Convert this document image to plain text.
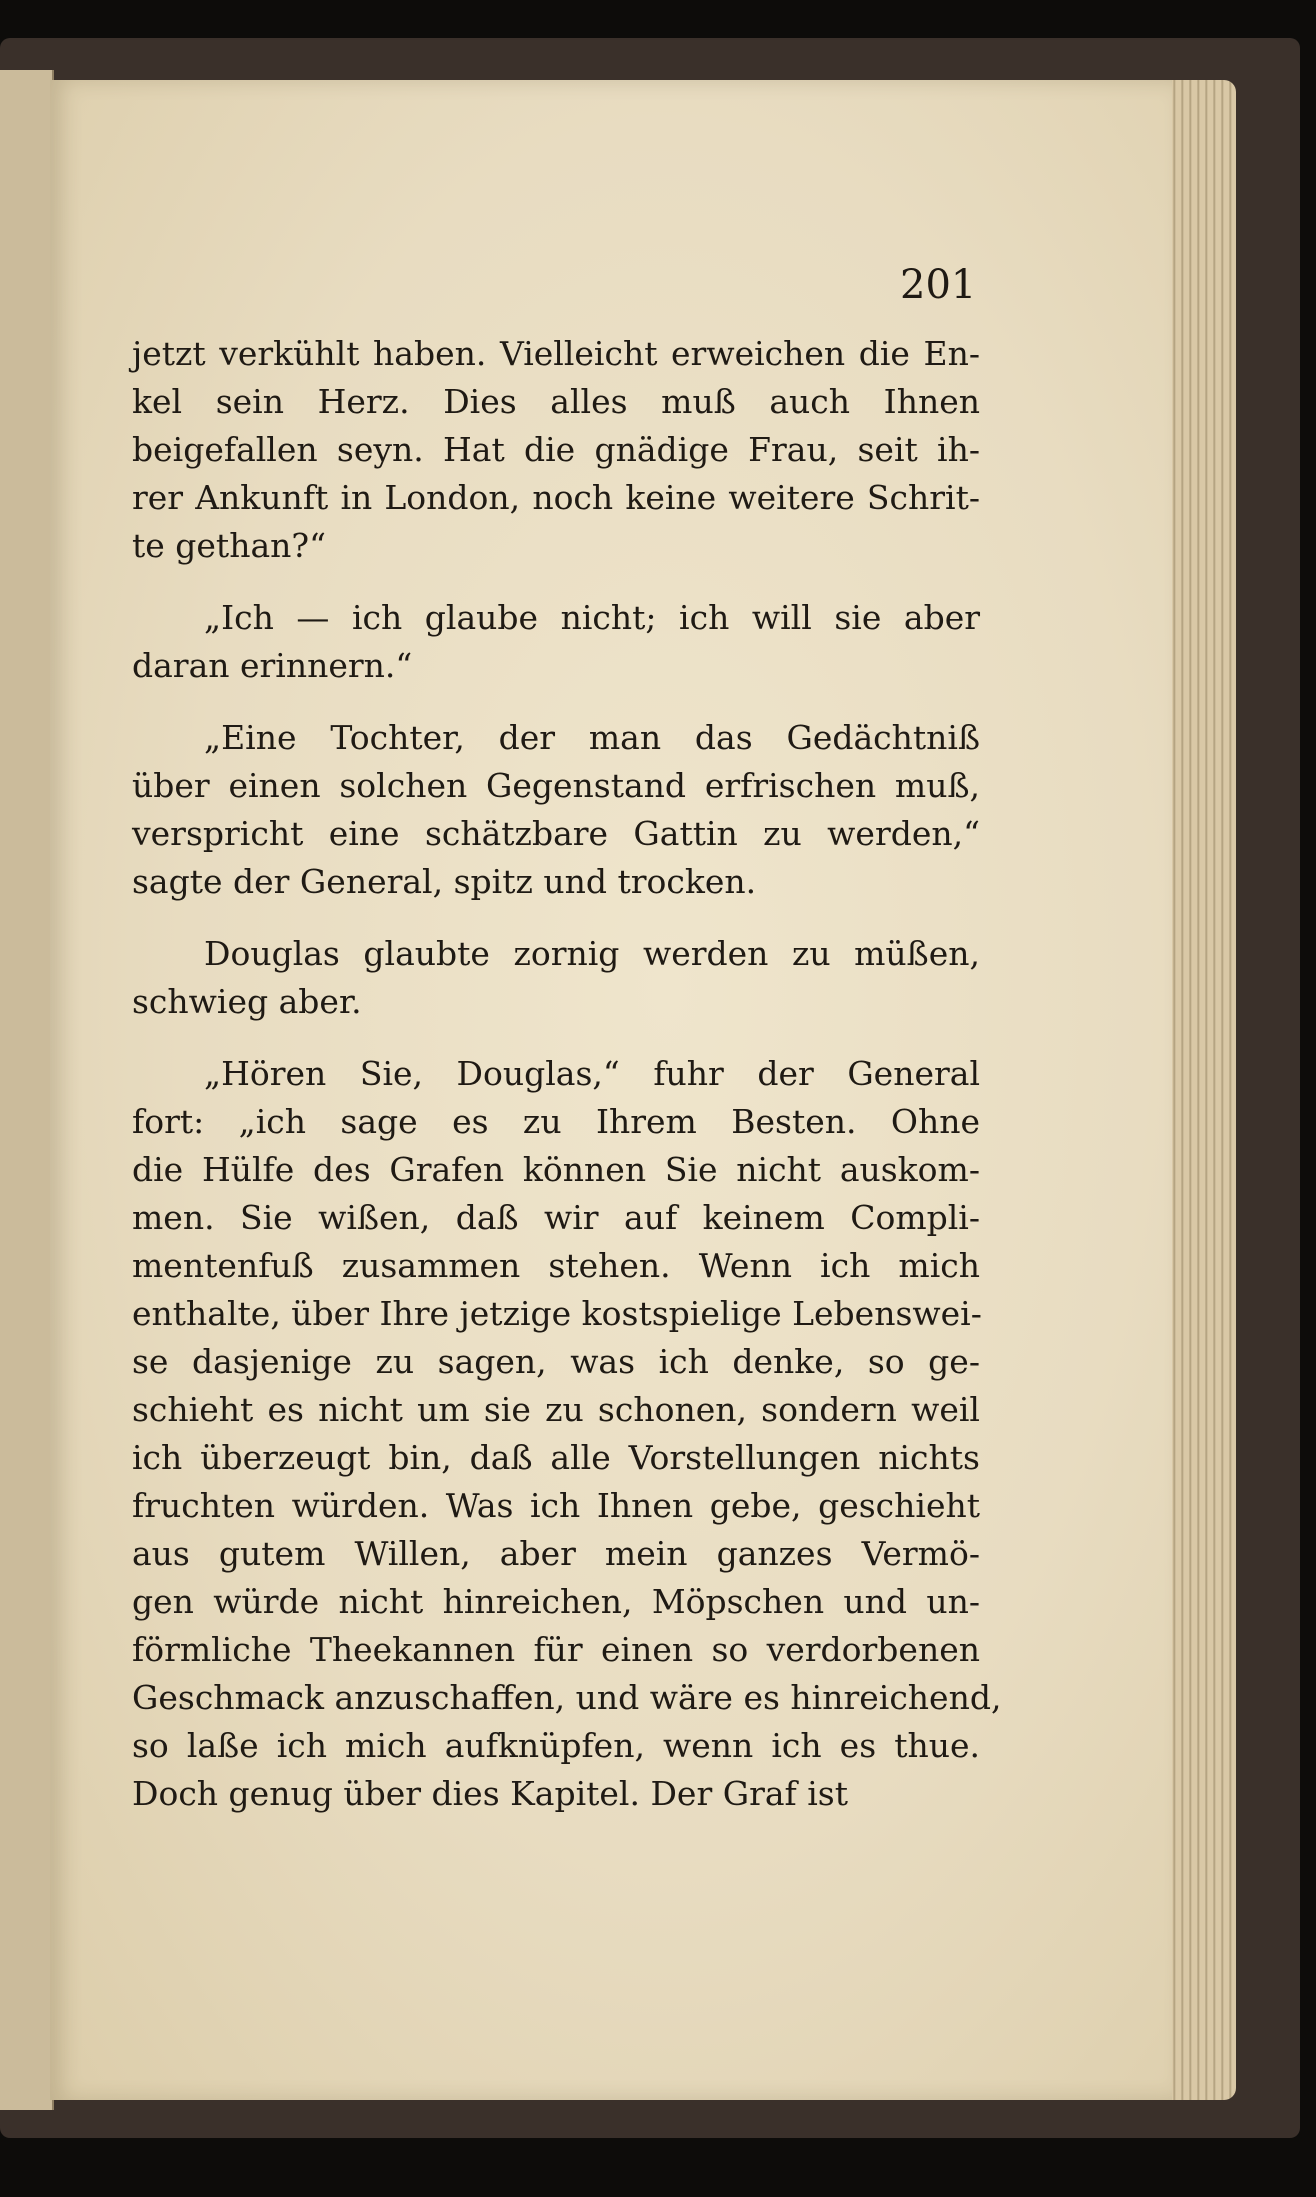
201
jetzt verkühlt haben. Vielleicht erweichen die En-
kel sein Herz. Dies alles muß auch Ihnen
beigefallen seyn. Hat die gnädige Frau, seit ih-
rer Ankunft in London, noch keine weitere Schrit-
te gethan?“
„Ich — ich glaube nicht; ich will sie aber
daran erinnern.“
„Eine Tochter, der man das Gedächtniß
über einen solchen Gegenstand erfrischen muß,
verspricht eine schätzbare Gattin zu werden,“
sagte der General, spitz und trocken.
Douglas glaubte zornig werden zu müßen,
schwieg aber.
„Hören Sie, Douglas,“ fuhr der General
fort: „ich sage es zu Ihrem Besten. Ohne
die Hülfe des Grafen können Sie nicht auskom-
men. Sie wißen, daß wir auf keinem Compli-
mentenfuß zusammen stehen. Wenn ich mich
enthalte, über Ihre jetzige kostspielige Lebenswei-
se dasjenige zu sagen, was ich denke, so ge-
schieht es nicht um sie zu schonen, sondern weil
ich überzeugt bin, daß alle Vorstellungen nichts
fruchten würden. Was ich Ihnen gebe, geschieht
aus gutem Willen, aber mein ganzes Vermö-
gen würde nicht hinreichen, Möpschen und un-
förmliche Theekannen für einen so verdorbenen
Geschmack anzuschaffen, und wäre es hinreichend,
so laße ich mich aufknüpfen, wenn ich es thue.
Doch genug über dies Kapitel. Der Graf ist
